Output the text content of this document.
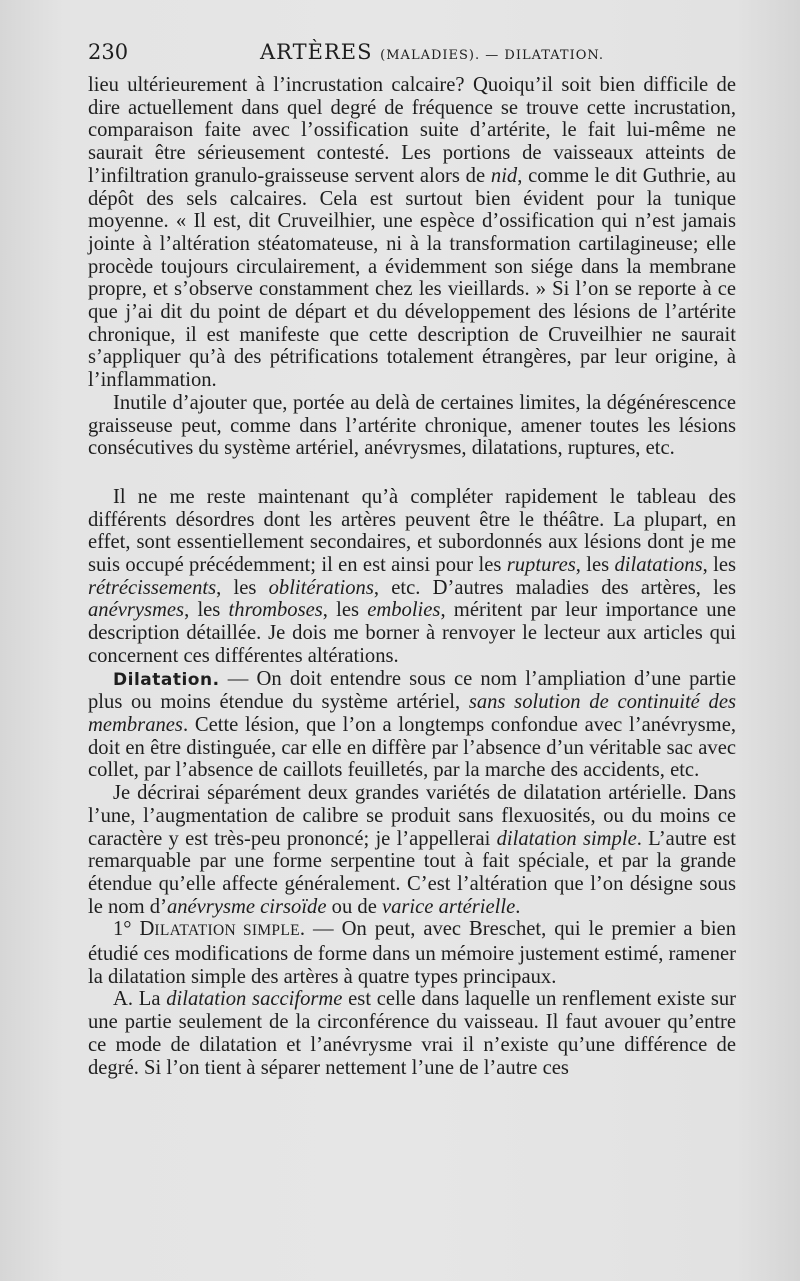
230	ARTÈRES (MALADIES). — DILATATION.

lieu ultérieurement à l’incrustation calcaire? Quoiqu’il soit bien difficile de dire actuellement dans quel degré de fréquence se trouve cette incrustation, comparaison faite avec l’ossification suite d’artérite, le fait lui-même ne saurait être sérieusement contesté. Les portions de vaisseaux atteints de l’infiltration granulo-graisseuse servent alors de nid, comme le dit Guthrie, au dépôt des sels calcaires. Cela est surtout bien évident pour la tunique moyenne. « Il est, dit Cruveilhier, une espèce d’ossification qui n’est jamais jointe à l’altération stéatomateuse, ni à la transformation cartilagineuse; elle procède toujours circulairement, a évidemment son siége dans la membrane propre, et s’observe constamment chez les vieillards. » Si l’on se reporte à ce que j’ai dit du point de départ et du développement des lésions de l’artérite chronique, il est manifeste que cette description de Cruveilhier ne saurait s’appliquer qu’à des pétrifications totalement étrangères, par leur origine, à l’inflammation.

Inutile d’ajouter que, portée au delà de certaines limites, la dégénérescence graisseuse peut, comme dans l’artérite chronique, amener toutes les lésions consécutives du système artériel, anévrysmes, dilatations, ruptures, etc.

Il ne me reste maintenant qu’à compléter rapidement le tableau des différents désordres dont les artères peuvent être le théâtre. La plupart, en effet, sont essentiellement secondaires, et subordonnés aux lésions dont je me suis occupé précédemment; il en est ainsi pour les ruptures, les dilatations, les rétrécissements, les oblitérations, etc. D’autres maladies des artères, les anévrysmes, les thromboses, les embolies, méritent par leur importance une description détaillée. Je dois me borner à renvoyer le lecteur aux articles qui concernent ces différentes altérations.

Dilatation. — On doit entendre sous ce nom l’ampliation d’une partie plus ou moins étendue du système artériel, sans solution de continuité des membranes. Cette lésion, que l’on a longtemps confondue avec l’anévrysme, doit en être distinguée, car elle en diffère par l’absence d’un véritable sac avec collet, par l’absence de caillots feuilletés, par la marche des accidents, etc.

Je décrirai séparément deux grandes variétés de dilatation artérielle. Dans l’une, l’augmentation de calibre se produit sans flexuosités, ou du moins ce caractère y est très-peu prononcé; je l’appellerai dilatation simple. L’autre est remarquable par une forme serpentine tout à fait spéciale, et par la grande étendue qu’elle affecte généralement. C’est l’altération que l’on désigne sous le nom d’anévrysme cirsoïde ou de varice artérielle.

1° DILATATION SIMPLE. — On peut, avec Breschet, qui le premier a bien étudié ces modifications de forme dans un mémoire justement estimé, ramener la dilatation simple des artères à quatre types principaux.

A. La dilatation sacciforme est celle dans laquelle un renflement existe sur une partie seulement de la circonférence du vaisseau. Il faut avouer qu’entre ce mode de dilatation et l’anévrysme vrai il n’existe qu’une différence de degré. Si l’on tient à séparer nettement l’une de l’autre ces
